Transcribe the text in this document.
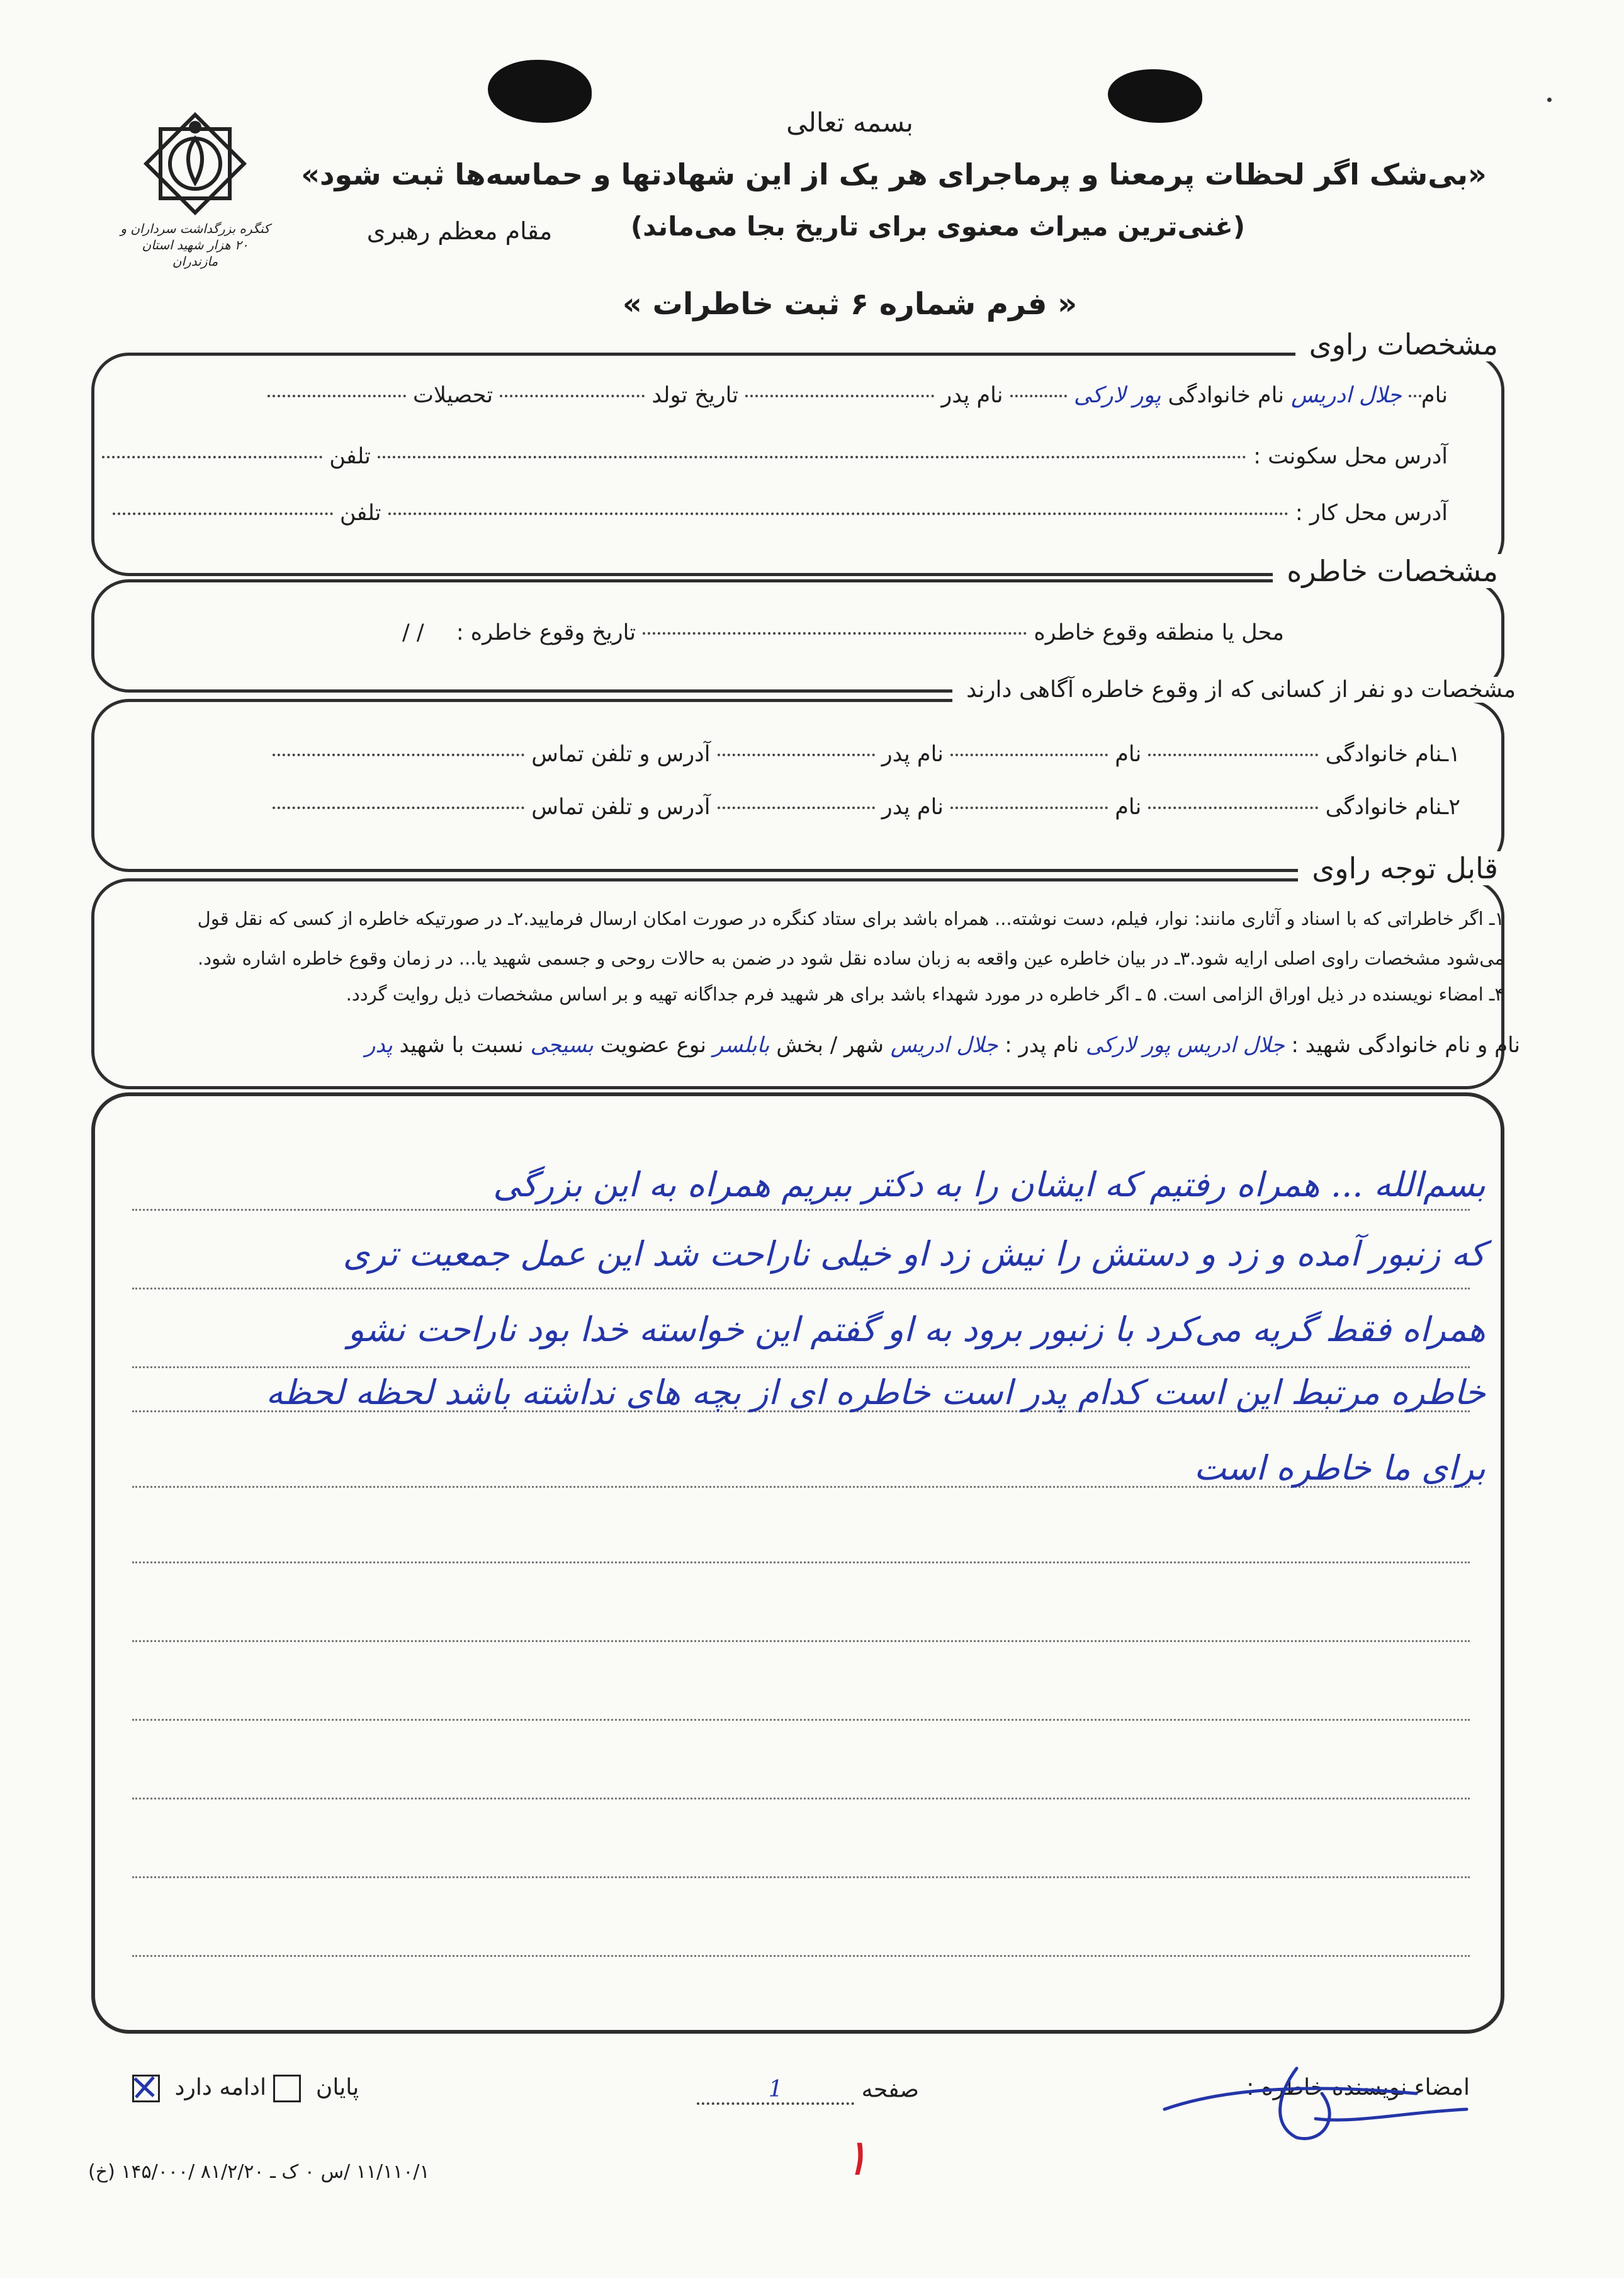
کنگره بزرگداشت سرداران و ۲۰ هزار شهید استان مازندران
بسمه تعالی
«بی‌شک اگر لحظات پرمعنا و پرماجرای هر یک از این شهادتها و حماسه‌ها ثبت شود»
(غنی‌ترین میراث معنوی برای تاریخ بجا می‌ماند)
مقام معظم رهبری
« فرم شماره ۶ ثبت خاطرات »
مشخصات راوی
نام جلال ادریس نام خانوادگی پور لارکی  نام پدر  تاریخ تولد  تحصیلات
آدرس محل سکونت :  تلفن
آدرس محل کار :  تلفن
مشخصات خاطره
محل یا منطقه وقوع خاطره  تاریخ وقوع خاطره : / /
مشخصات دو نفر از کسانی که از وقوع خاطره آگاهی دارند
۱ـنام خانوادگی  نام  نام پدر  آدرس و تلفن تماس
۲ـنام خانوادگی  نام  نام پدر  آدرس و تلفن تماس
قابل توجه راوی
۱ـ اگر خاطراتی که با اسناد و آثاری مانند: نوار، فیلم، دست نوشته... همراه باشد برای ستاد کنگره در صورت امکان ارسال فرمایید.۲ـ در صورتیکه خاطره از کسی که نقل قول
می‌شود مشخصات راوی اصلی ارایه شود.۳ـ در بیان خاطره عین واقعه به زبان ساده نقل شود در ضمن به حالات روحی و جسمی شهید یا... در زمان وقوع خاطره اشاره شود.
۴ـ امضاء نویسنده در ذیل اوراق الزامی است. ۵ ـ اگر خاطره در مورد شهداء باشد برای هر شهید فرم جداگانه تهیه و بر اساس مشخصات ذیل روایت گردد.
نام و نام خانوادگی شهید : جلال ادریس پور لارکی نام پدر : جلال ادریس شهر / بخش بابلسر نوع عضویت بسیجی نسبت با شهید پدر
بسم‌الله ... همراه رفتیم که ایشان را به دکتر ببریم همراه به این بزرگی
که زنبور آمده و زد و دستش را نیش زد او خیلی ناراحت شد این عمل جمعیت تری
همراه فقط گریه می‌کرد با زنبور برود به او گفتم این خواسته خدا بود ناراحت نشو
خاطره مرتبط این است کدام پدر است خاطره ای از بچه های نداشته باشد لحظه لحظه
برای ما خاطره است
امضاء نویسنده خاطره :
صفحه 1
پایان  ادامه دارد
۱
۱۱/۱۱۰/۱ /س ۰ ک ـ ۸۱/۲/۲۰ /۱۴۵/۰۰۰ (خ)
